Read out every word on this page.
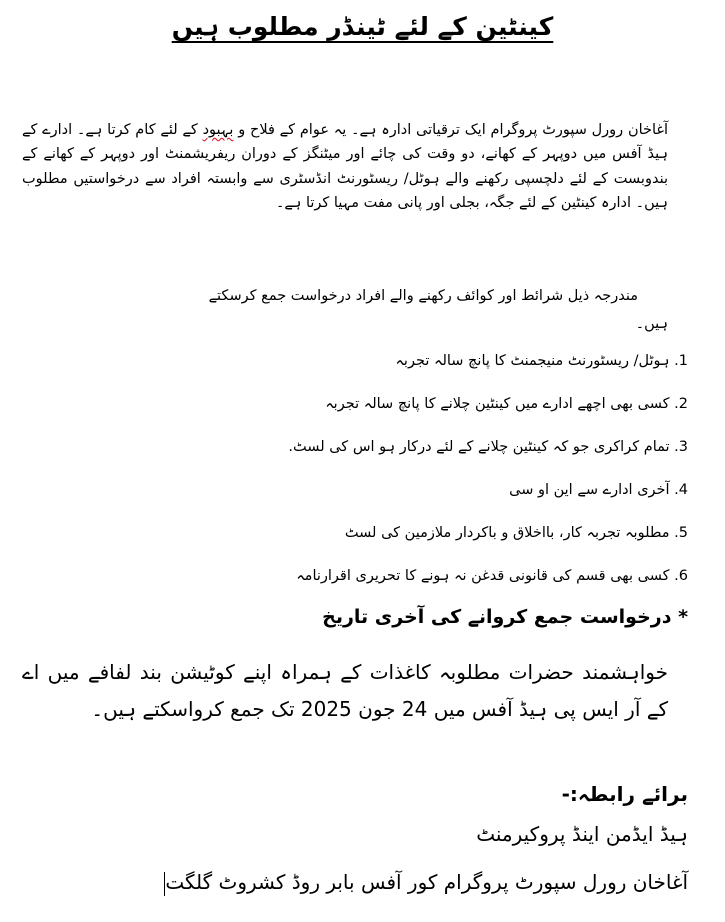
کینٹین کے لئے ٹینڈر مطلوب ہیں
آغاخان رورل سپورٹ پروگرام ایک ترقیاتی ادارہ ہے۔ یہ عوام کے فلاح و بہبود کے لئے کام کرتا ہے۔ ادارے کے ہیڈ آفس میں دوپہر کے کھانے، دو وقت کی چائے اور میٹنگز کے دوران ریفریشمنٹ اور دوپہر کے کھانے کے بندوبست کے لئے دلچسپی رکھنے والے ہوٹل/ ریسٹورنٹ انڈسٹری سے وابستہ افراد سے درخواستیں مطلوب ہیں۔ ادارہ کینٹین کے لئے جگہ، بجلی اور پانی مفت مہیا کرتا ہے۔
مندرجہ ذیل شرائط اور کوائف رکھنے والے افراد درخواست جمع کرسکتے
ہیں۔
1. ہوٹل/ ریسٹورنٹ منیجمنٹ کا پانچ سالہ تجربہ
2. کسی بھی اچھے ادارے میں کینٹین چلانے کا پانچ سالہ تجربہ
3. تمام کراکری جو کہ کینٹین چلانے کے لئے درکار ہو اس کی لسٹ.
4. آخری ادارے سے این او سی
5. مطلوبہ تجربہ کار، بااخلاق و باکردار ملازمین کی لسٹ
6. کسی بھی قسم کی قانونی قدغن نہ ہونے کا تحریری اقرارنامہ
* درخواست جمع کروانے کی آخری تاریخ
خواہشمند حضرات مطلوبہ کاغذات کے ہمراہ اپنے کوٹیشن بند لفافے میں اے کے آر ایس پی ہیڈ آفس میں 24 جون 2025 تک جمع کرواسکتے ہیں۔
برائے رابطہ:-
ہیڈ ایڈمن اینڈ پروکیرمنٹ
آغاخان رورل سپورٹ پروگرام کور آفس بابر روڈ کشروٹ گلگت
